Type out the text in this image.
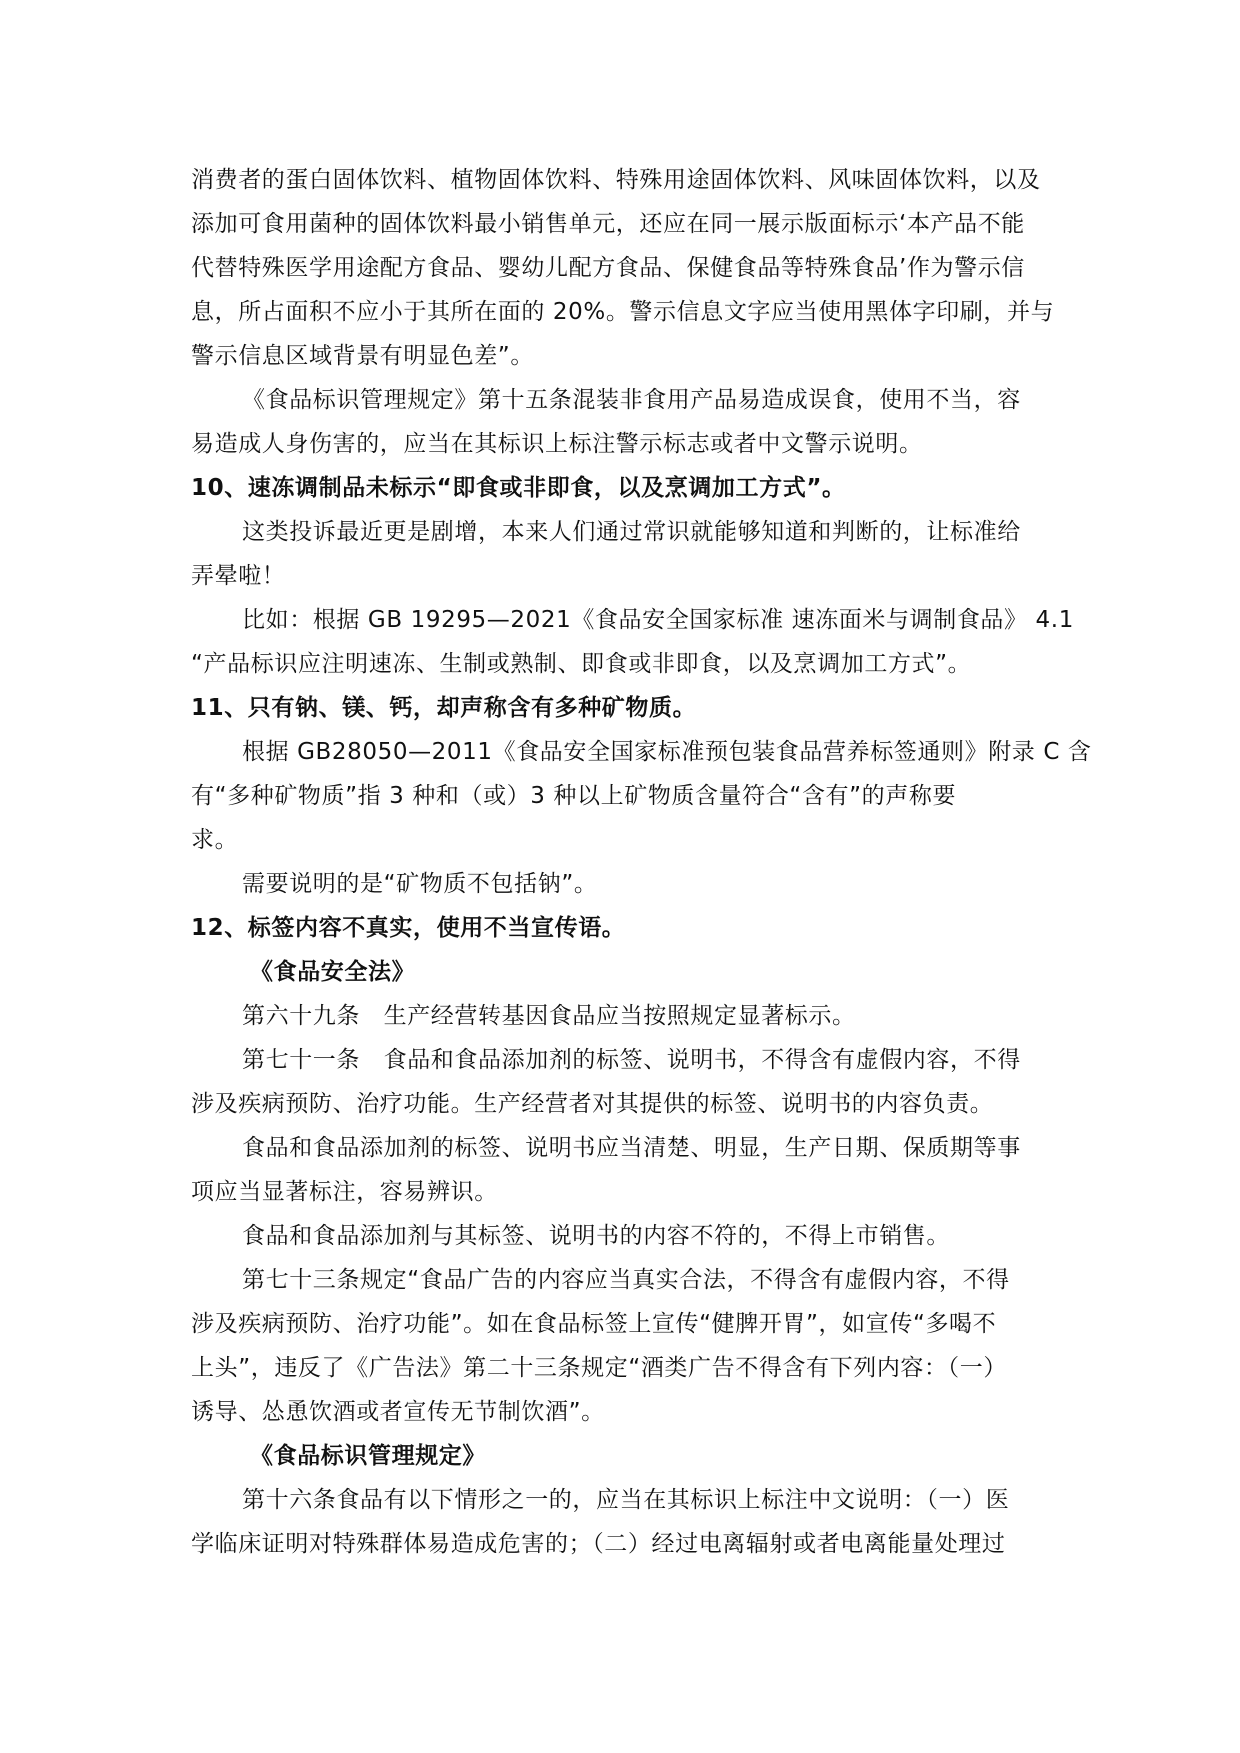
消费者的蛋白固体饮料、植物固体饮料、特殊用途固体饮料、风味固体饮料，以及
添加可食用菌种的固体饮料最小销售单元，还应在同一展示版面标示‘本产品不能
代替特殊医学用途配方食品、婴幼儿配方食品、保健食品等特殊食品’作为警示信
息，所占面积不应小于其所在面的 20%。警示信息文字应当使用黑体字印刷，并与
警示信息区域背景有明显色差”。
《食品标识管理规定》第十五条混装非食用产品易造成误食，使用不当，容
易造成人身伤害的，应当在其标识上标注警示标志或者中文警示说明。
10、速冻调制品未标示“即食或非即食，以及烹调加工方式”。
这类投诉最近更是剧增，本来人们通过常识就能够知道和判断的，让标准给
弄晕啦！
比如：根据 GB 19295—2021《食品安全国家标准 速冻面米与调制食品》 4.1
“产品标识应注明速冻、生制或熟制、即食或非即食，以及烹调加工方式”。
11、只有钠、镁、钙，却声称含有多种矿物质。
根据 GB28050—2011《食品安全国家标准预包装食品营养标签通则》附录 C 含
有“多种矿物质”指 3 种和（或）3 种以上矿物质含量符合“含有”的声称要
求。
需要说明的是“矿物质不包括钠”。
12、标签内容不真实，使用不当宣传语。
《食品安全法》
第六十九条　生产经营转基因食品应当按照规定显著标示。
第七十一条　食品和食品添加剂的标签、说明书，不得含有虚假内容，不得
涉及疾病预防、治疗功能。生产经营者对其提供的标签、说明书的内容负责。
食品和食品添加剂的标签、说明书应当清楚、明显，生产日期、保质期等事
项应当显著标注，容易辨识。
食品和食品添加剂与其标签、说明书的内容不符的，不得上市销售。
第七十三条规定“食品广告的内容应当真实合法，不得含有虚假内容，不得
涉及疾病预防、治疗功能”。如在食品标签上宣传“健脾开胃”，如宣传“多喝不
上头”，违反了《广告法》第二十三条规定“酒类广告不得含有下列内容：（一）
诱导、怂恿饮酒或者宣传无节制饮酒”。
《食品标识管理规定》
第十六条食品有以下情形之一的，应当在其标识上标注中文说明：（一）医
学临床证明对特殊群体易造成危害的；（二）经过电离辐射或者电离能量处理过
